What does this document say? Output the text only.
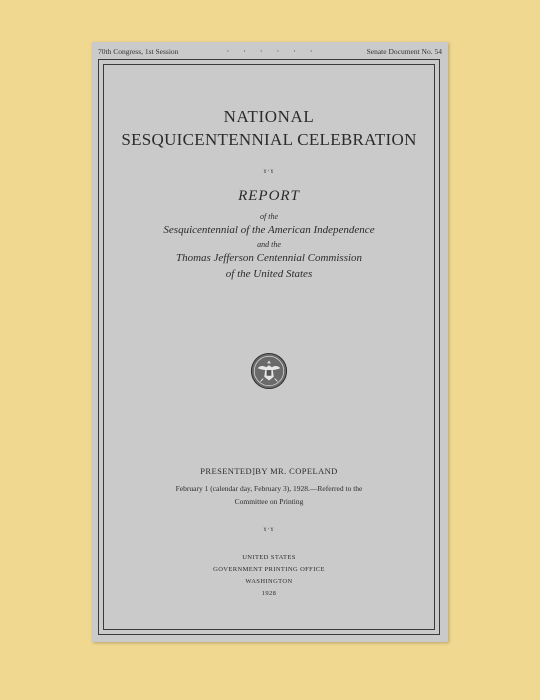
70th Congress, 1st Session	· · · · · ·	Senate Document No. 54
NATIONAL
SESQUICENTENNIAL CELEBRATION
ɤ∙ɤ
REPORT
of the
Sesquicentennial of the American Independence
and the
Thomas Jefferson Centennial Commission
of the United States
PRESENTED]BY MR. COPELAND
February 1 (calendar day, February 3), 1928.—Referred to the
Committee on Printing
ɤ∙ɤ
UNITED STATES
GOVERNMENT PRINTING OFFICE
WASHINGTON
1928
